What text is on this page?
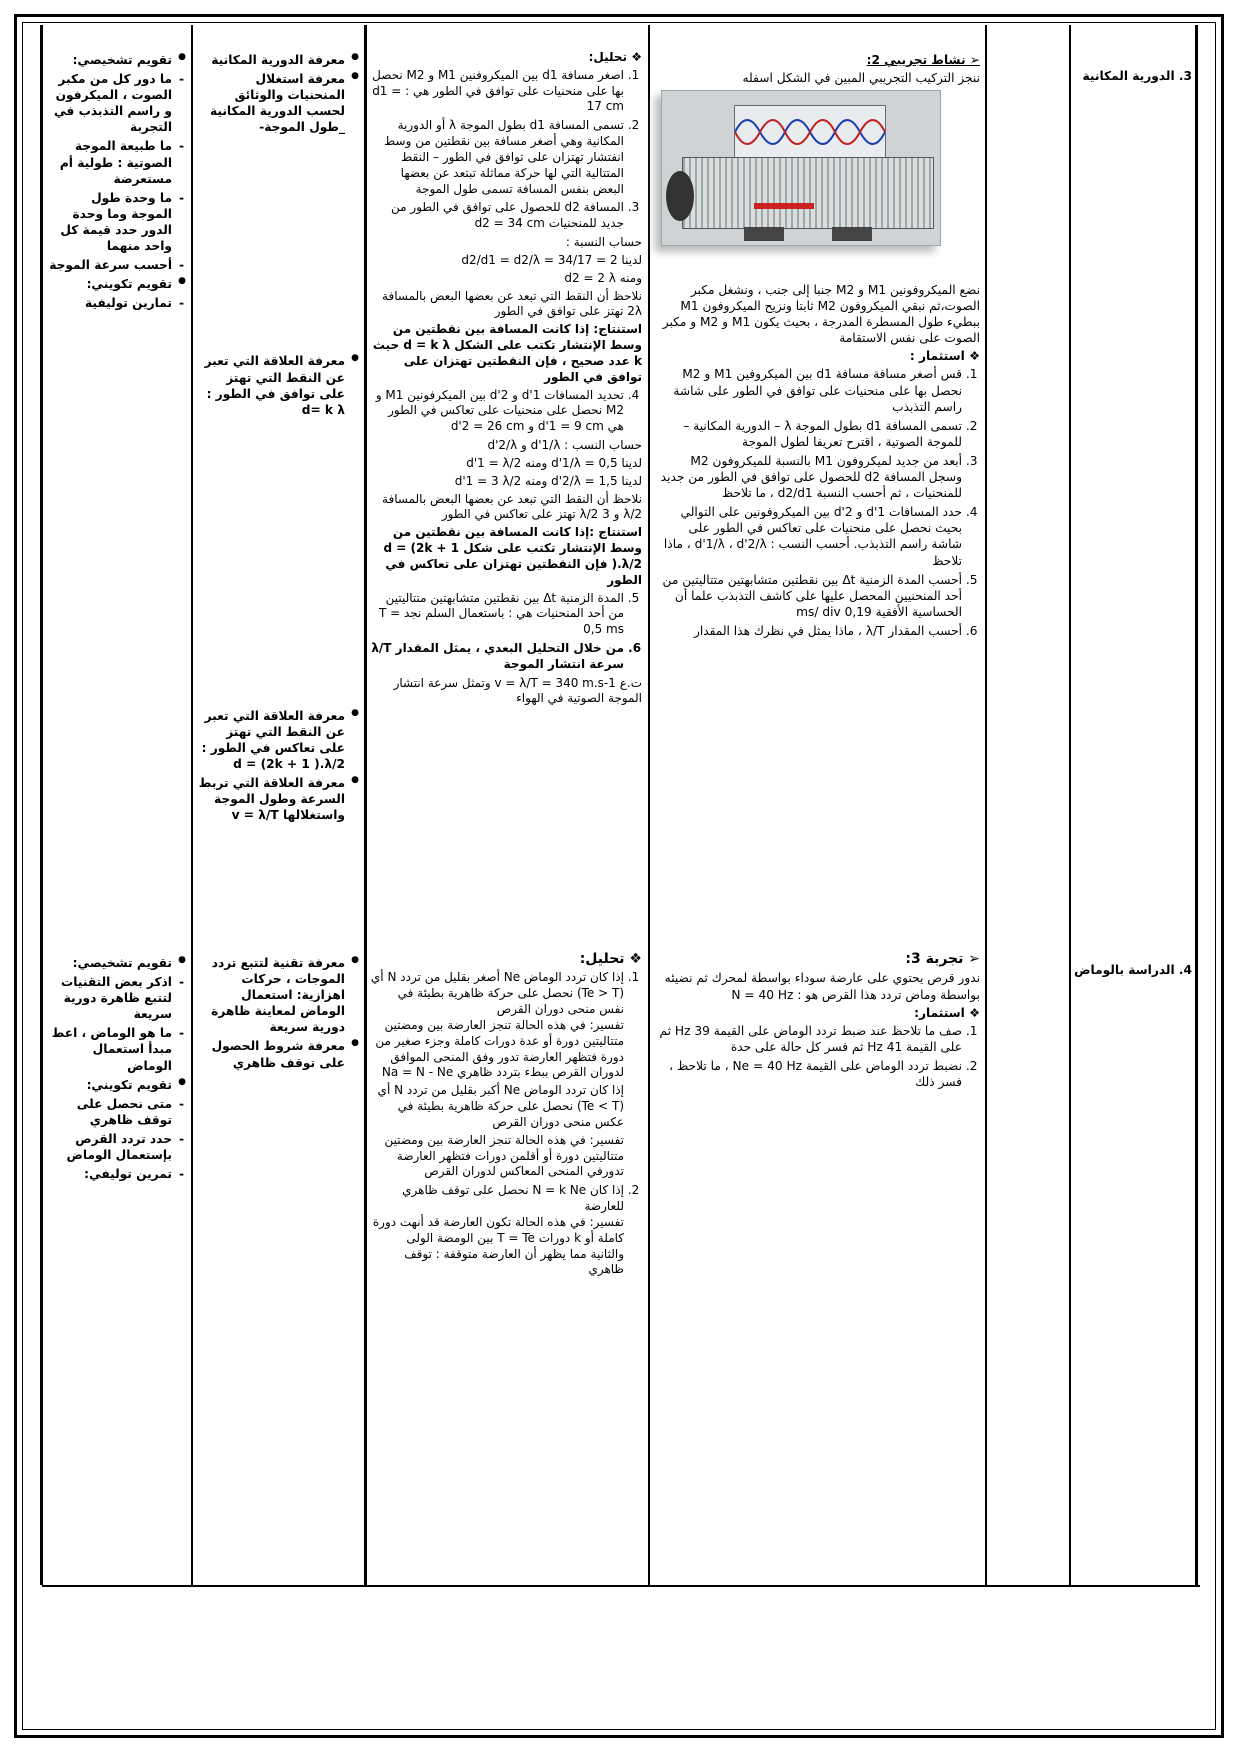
3. الدورية المكانية

➢ نشاط تجريبي 2:

ننجز التركيب التجريبي المبين في الشكل اسفله

نضع الميكروفونين M1 و M2 جنبا إلى جنب ، ونشغل مكبر الصوت،ثم نبقي الميكروفون M2 ثابتا ونزيح الميكروفون M1 ببطيء طول المسطرة المدرجة ، بحيث يكون M1 و M2 و مكبر الصوت على نفس الاستقامة

❖ استثمار :

1. قس أصغر مسافة مسافة d1 بين الميكروفين M1 و M2 نحصل بها على منحنيات على توافق في الطور على شاشة راسم التذبذب
2. تسمى المسافة d1 بطول الموجة λ – الدورية المكانية – للموجة الصوتية ، اقترح تعريفا لطول الموجة
3. أبعد من جديد لميكروفون M1 بالنسبة للميكروفون M2 وسجل المسافة d2 للحصول على توافق في الطور من جديد للمنحنيات ، ثم أحسب النسبة d2/d1 ، ما تلاحظ
4. حدد المسافات d'1 و d'2 بين الميكروفونين على التوالي بحيث نحصل على منحنيات على تعاكس في الطور على شاشة راسم التذبذب. أحسب النسب : d'1/λ ، d'2/λ ، ماذا تلاحظ
5. أحسب المدة الزمنية Δt بين نقطتين متشابهتين متتاليتين من أحد المنحنيين المحصل عليها على كاشف التذبذب علما أن الحساسية الأفقية 0,19 ms/ div
6. أحسب المقدار λ/T ، ماذا يمثل في نظرك هذا المقدار

❖ تحليل:

1. اصغر مسافة d1 بين الميكروفنين M1 و M2 نحصل بها على منحنيات على توافق في الطور هي : d1 = 17 cm
2. تسمى المسافة d1 بطول الموجة λ أو الدورية المكانية وهي أصغر مسافة بين نقطتين من وسط انفتشار تهتزان على توافق في الطور – النقط المتتالية التي لها حركة مماثلة تبتعد عن بعضها البعض بنفس المسافة تسمى طول الموجة
3. المسافة d2 للحصول على توافق في الطور من جديد للمنحنيات d2 = 34 cm

حساب النسبة :

لدينا d2/d1 = d2/λ = 34/17 = 2

ومنه d2 = 2 λ

نلاحظ أن النقط التي تبعد عن بعضها البعض بالمسافة 2λ تهتز على توافق في الطور

استنتاج: إذا كانت المسافة بين نقطتين من وسط الإنتشار تكتب على الشكل d = k λ حيث k عدد صحيح ، فإن النقطتين تهتزان على توافق في الطور

4. تحديد المسافات d'1 و d'2 بين الميكرفونين M1 و M2 نحصل على منحنيات على تعاكس في الطور هي d'1 = 9 cm و d'2 = 26 cm

حساب النسب : d'1/λ و d'2/λ

لدينا d'1/λ = 0,5 ومنه d'1 = λ/2

لدينا d'2/λ = 1,5 ومنه d'1 = 3 λ/2

نلاحظ أن النقط التي تبعد عن بعضها البعض بالمسافة λ/2 و 3 λ/2 تهتز على تعاكس في الطور

استنتاج :إذا كانت المسافة بين نقطتين من وسط الإنتشار تكتب على شكل d = (2k + 1 ).λ/2 فإن النقطتين تهتزان على تعاكس في الطور

5. المدة الزمنية Δt بين نقطتين متشابهتين متتاليتين من أحد المنحنيات هي : باستعمال السلم نجد T = 0,5 ms
6. من خلال التحليل البعدي ، يمثل المقدار λ/T سرعة انتشار الموجة

ت.ع v = λ/T = 340 m.s-1 وتمثل سرعة انتشار الموجة الصوتية في الهواء

● معرفة الدورية المكانية
● معرفة استغلال المنحنيات والوثائق لحسب الدورية المكانية _طول الموجة-
● معرفة العلاقة التي تعبر عن النقط التي تهتز على توافق في الطور : d= k λ
● معرفة العلاقة التي تعبر عن النقط التي تهتز على تعاكس في الطور : d = (2k + 1 ).λ/2
● معرفة العلاقة التي تربط السرعة وطول الموجة واستغلالها v = λ/T
● تقويم تشخيصي:
- ما دور كل من مكبر الصوت ، الميكرفون و راسم التذبذب في التجربة
- ما طبيعة الموجة الصوتية : طولية أم مستعرضة
- ما وحدة طول الموجة وما وحدة الدور حدد قيمة كل واحد منهما
- أحسب سرعة الموجة
● تقويم تكويني:
- تمارين توليفية

4. الدراسة بالوماض

➢ تجربة 3:

ندور قرص يحتوي على عارضة سوداء بواسطة لمحرك ثم نضيئه بواسطة وماض تردد هذا القرص هو : N = 40 Hz

❖ استثمار:

1. صف ما تلاحظ عند ضبط تردد الوماض على القيمة 39 Hz ثم على القيمة 41 Hz ثم فسر كل حالة على حدة
2. نضبط تردد الوماض على القيمة Ne = 40 Hz ، ما تلاحظ ، فسر ذلك

❖ تحليل:

1. إذا كان تردد الوماض Ne أصغر بقليل من تردد N أي (Te > T) نحصل على حركة ظاهرية بطيئة في نفس منحى دوران القرص

تفسير: في هذه الحالة تنجز العارضة بين ومضتين متتاليتين دورة أو عدة دورات كاملة وجزء صغير من دورة فتظهر العارضة تدور وفق المنحى الموافق لدوران القرص ببطء بتردد ظاهري Na = N - Ne

إذا كان تردد الوماض Ne أكبر بقليل من تردد N أي (Te < T) نحصل على حركة ظاهرية بطيئة في عكس منحى دوران القرص

تفسير: في هذه الحالة تنجز العارضة بين ومضتين متتاليتين دورة أو أقلمن دورات فتظهر العارضة تدورفي المنحى المعاكس لدوران القرص

2. إذا كان N = k Ne نحصل على توقف ظاهري للعارضة

تفسير: في هذه الحالة تكون العارضة قد أنهت دورة كاملة أو k دورات T = Te بين الومضة الولى والثانية مما يظهر أن العارضة متوقفة : توقف ظاهري

● معرفة تقنية لتتبع تردد الموجات ، حركات اهزازية: استعمال الوماض لمعاينة ظاهرة دورية سريعة
● معرفة شروط الحصول على توقف ظاهري
● تقويم تشخيصي:
- اذكر بعض التقنيات لتتبع ظاهرة دورية سريعة
- ما هو الوماض ، اعط مبدأ استعمال الوماض
● تقويم تكويني:
- متى نحصل على توقف ظاهري
- حدد تردد القرص بإستعمال الوماض
- تمرين توليفي:
